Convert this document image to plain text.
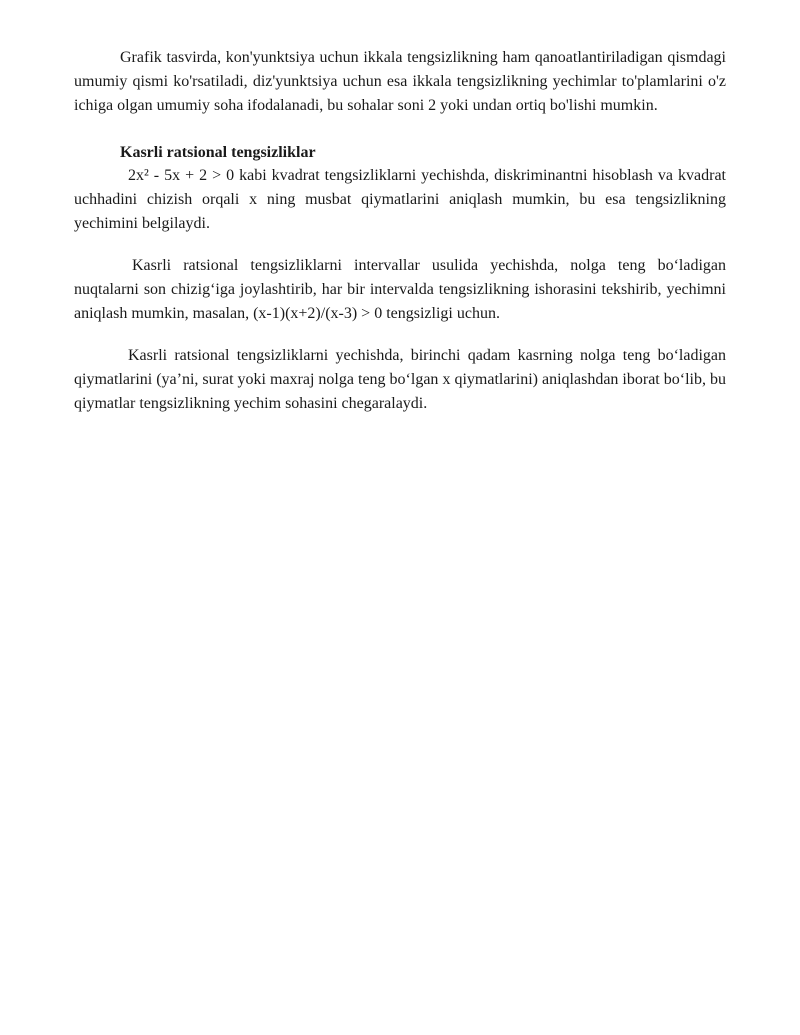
Grafik tasvirda, kon'yunktsiya uchun ikkala tengsizlikning ham qanoatlantiriladigan qismdagi umumiy qismi ko'rsatiladi, diz'yunktsiya uchun esa ikkala tengsizlikning yechimlar to'plamlarini o'z ichiga olgan umumiy soha ifodalanadi, bu sohalar soni 2 yoki undan ortiq bo'lishi mumkin.

Kasrli ratsional tengsizliklar

2x² - 5x + 2 > 0 kabi kvadrat tengsizliklarni yechishda, diskriminantni hisoblash va kvadrat uchhadini chizish orqali x ning musbat qiymatlarini aniqlash mumkin, bu esa tengsizlikning yechimini belgilaydi.

Kasrli ratsional tengsizliklarni intervallar usulida yechishda, nolga teng bo‘ladigan nuqtalarni son chizig‘iga joylashtirib, har bir intervalda tengsizlikning ishorasini tekshirib, yechimni aniqlash mumkin, masalan, (x-1)(x+2)/(x-3) > 0 tengsizligi uchun.

Kasrli ratsional tengsizliklarni yechishda, birinchi qadam kasrning nolga teng bo‘ladigan qiymatlarini (ya’ni, surat yoki maxraj nolga teng bo‘lgan x qiymatlarini) aniqlashdan iborat bo‘lib, bu qiymatlar tengsizlikning yechim sohasini chegaralaydi.
